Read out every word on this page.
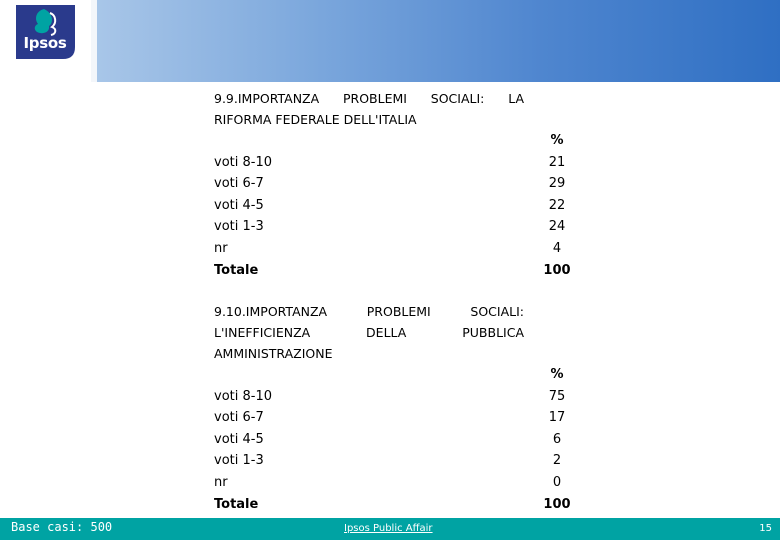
Ipsos
9.9.IMPORTANZA PROBLEMI SOCIALI: LA
RIFORMA FEDERALE DELL'ITALIA
%
voti 8-10	21
voti 6-7	29
voti 4-5	22
voti 1-3	24
nr	4
Totale	100
9.10.IMPORTANZA PROBLEMI SOCIALI:
L'INEFFICIENZA DELLA PUBBLICA
AMMINISTRAZIONE
%
voti 8-10	75
voti 6-7	17
voti 4-5	6
voti 1-3	2
nr	0
Totale	100
Base casi: 500	Ipsos Public Affair	15
